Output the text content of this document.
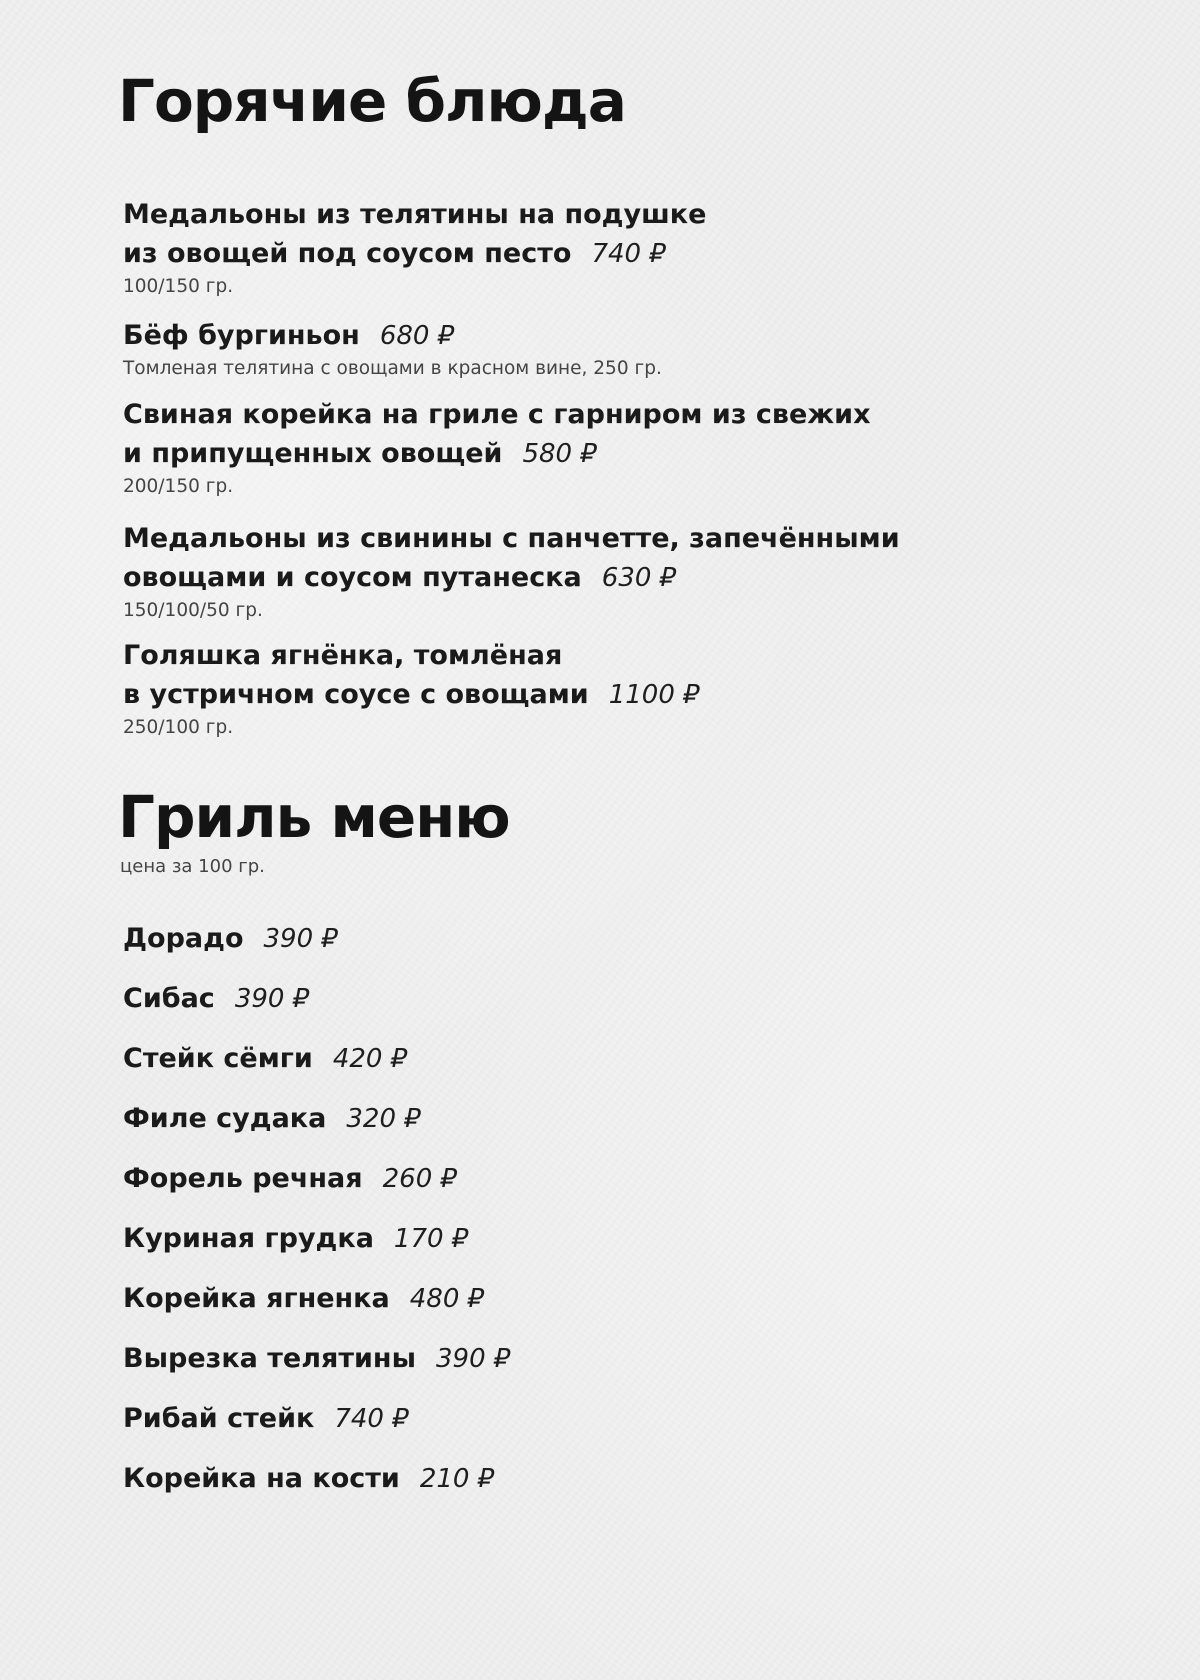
Горячие блюда
Медальоны из телятины на подушке
из овощей под соусом песто 740 ₽
100/150 гр.
Бёф бургиньон 680 ₽
Томленая телятина с овощами в красном вине, 250 гр.
Свиная корейка на гриле с гарниром из свежих
и припущенных овощей 580 ₽
200/150 гр.
Медальоны из свинины с панчетте, запечёнными
овощами и соусом путанеска 630 ₽
150/100/50 гр.
Голяшка ягнёнка, томлёная
в устричном соусе с овощами 1100 ₽
250/100 гр.
Гриль меню
цена за 100 гр.
Дорадо 390 ₽
Сибас 390 ₽
Стейк сёмги 420 ₽
Филе судака 320 ₽
Форель речная 260 ₽
Куриная грудка 170 ₽
Корейка ягненка 480 ₽
Вырезка телятины 390 ₽
Рибай стейк 740 ₽
Корейка на кости 210 ₽
